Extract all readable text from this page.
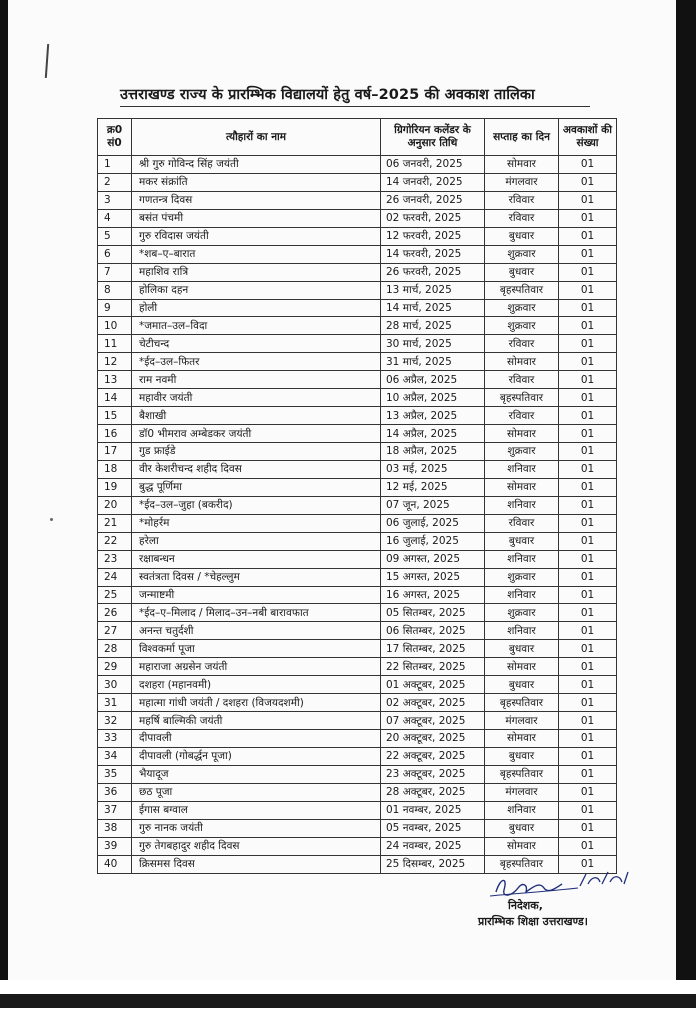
उत्तराखण्ड राज्य के प्रारम्भिक विद्यालयों हेतु वर्ष–2025 की अवकाश तालिका
क्र0 सं0	त्यौहारों का नाम	ग्रिगोरियन कलेंडर के अनुसार तिथि	सप्ताह का दिन	अवकाशों की संख्या
1	श्री गुरु गोविन्द सिंह जयंती	06 जनवरी, 2025	सोमवार	01
2	मकर संक्रांति	14 जनवरी, 2025	मंगलवार	01
3	गणतन्त्र दिवस	26 जनवरी, 2025	रविवार	01
4	बसंत पंचमी	02 फरवरी, 2025	रविवार	01
5	गुरु रविदास जयंती	12 फरवरी, 2025	बुधवार	01
6	*शब–ए–बारात	14 फरवरी, 2025	शुक्रवार	01
7	महाशिव रात्रि	26 फरवरी, 2025	बुधवार	01
8	होलिका दहन	13 मार्च, 2025	बृहस्पतिवार	01
9	होली	14 मार्च, 2025	शुक्रवार	01
10	*जमात–उल–विदा	28 मार्च, 2025	शुक्रवार	01
11	चेटीचन्द	30 मार्च, 2025	रविवार	01
12	*ईद–उल–फितर	31 मार्च, 2025	सोमवार	01
13	राम नवमी	06 अप्रैल, 2025	रविवार	01
14	महावीर जयंती	10 अप्रैल, 2025	बृहस्पतिवार	01
15	बैशाखी	13 अप्रैल, 2025	रविवार	01
16	डॉ0 भीमराव अम्बेडकर जयंती	14 अप्रैल, 2025	सोमवार	01
17	गुड फ्राईडे	18 अप्रैल, 2025	शुक्रवार	01
18	वीर केशरीचन्द शहीद दिवस	03 मई, 2025	शनिवार	01
19	बुद्ध पूर्णिमा	12 मई, 2025	सोमवार	01
20	*ईद–उल–जुहा (बकरीद)	07 जून, 2025	शनिवार	01
21	*मोहर्रम	06 जुलाई, 2025	रविवार	01
22	हरेला	16 जुलाई, 2025	बुधवार	01
23	रक्षाबन्धन	09 अगस्त, 2025	शनिवार	01
24	स्वतंत्रता दिवस / *चेहल्लुम	15 अगस्त, 2025	शुक्रवार	01
25	जन्माष्टमी	16 अगस्त, 2025	शनिवार	01
26	*ईद–ए–मिलाद / मिलाद–उन–नबी बारावफात	05 सितम्बर, 2025	शुक्रवार	01
27	अनन्त चतुर्दशी	06 सितम्बर, 2025	शनिवार	01
28	विश्वकर्मा पूजा	17 सितम्बर, 2025	बुधवार	01
29	महाराजा अग्रसेन जयंती	22 सितम्बर, 2025	सोमवार	01
30	दशहरा (महानवमी)	01 अक्टूबर, 2025	बुधवार	01
31	महात्मा गांधी जयंती / दशहरा (विजयदशमी)	02 अक्टूबर, 2025	बृहस्पतिवार	01
32	महर्षि बाल्मिकी जयंती	07 अक्टूबर, 2025	मंगलवार	01
33	दीपावली	20 अक्टूबर, 2025	सोमवार	01
34	दीपावली (गोबर्द्धन पूजा)	22 अक्टूबर, 2025	बुधवार	01
35	भैयादूज	23 अक्टूबर, 2025	बृहस्पतिवार	01
36	छठ पूजा	28 अक्टूबर, 2025	मंगलवार	01
37	ईगास बग्वाल	01 नवम्बर, 2025	शनिवार	01
38	गुरु नानक जयंती	05 नवम्बर, 2025	बुधवार	01
39	गुरु तेगबहादुर शहीद दिवस	24 नवम्बर, 2025	सोमवार	01
40	क्रिसमस दिवस	25 दिसम्बर, 2025	बृहस्पतिवार	01
निदेशक,
प्रारम्भिक शिक्षा उत्तराखण्ड।
